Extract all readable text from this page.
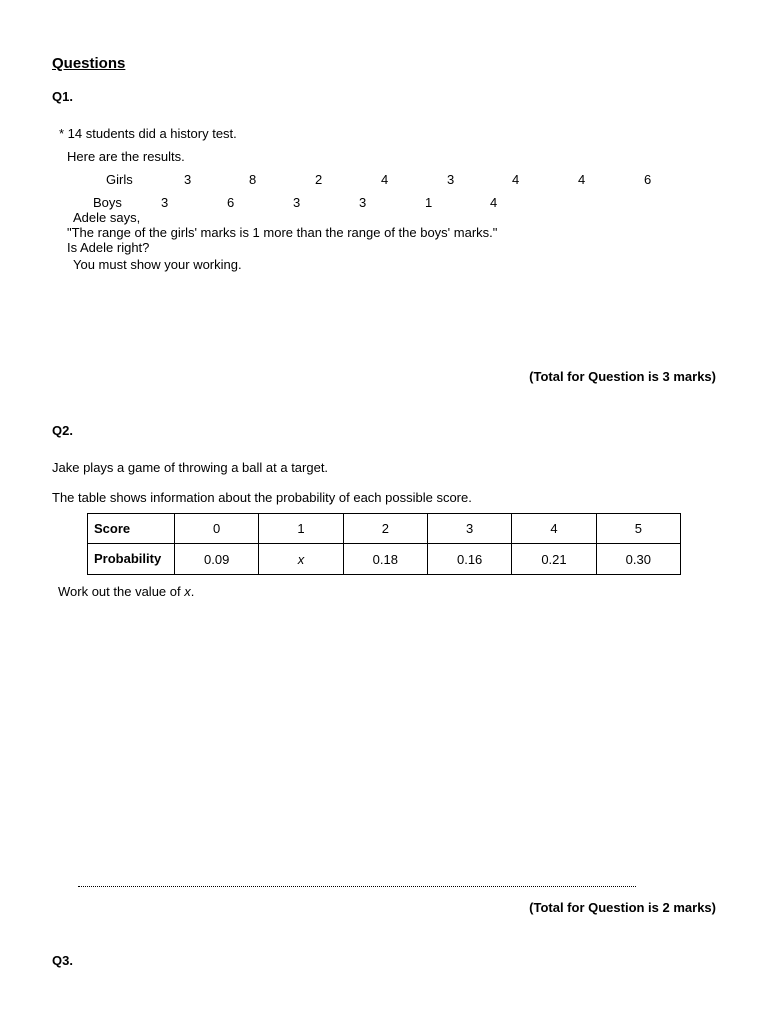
Questions
Q1.
* 14 students did a history test.
Here are the results.
Girls	3	8	2	4	3	4	4	6
Boys	3	6	3	3	1	4
Adele says,
"The range of the girls' marks is 1 more than the range of the boys' marks."
Is Adele right?
You must show your working.
(Total for Question is 3 marks)
Q2.
Jake plays a game of throwing a ball at a target.
The table shows information about the probability of each possible score.
Score	0	1	2	3	4	5

Probability	0.09	x	0.18	0.16	0.21	0.30
Work out the value of x.
(Total for Question is 2 marks)
Q3.
